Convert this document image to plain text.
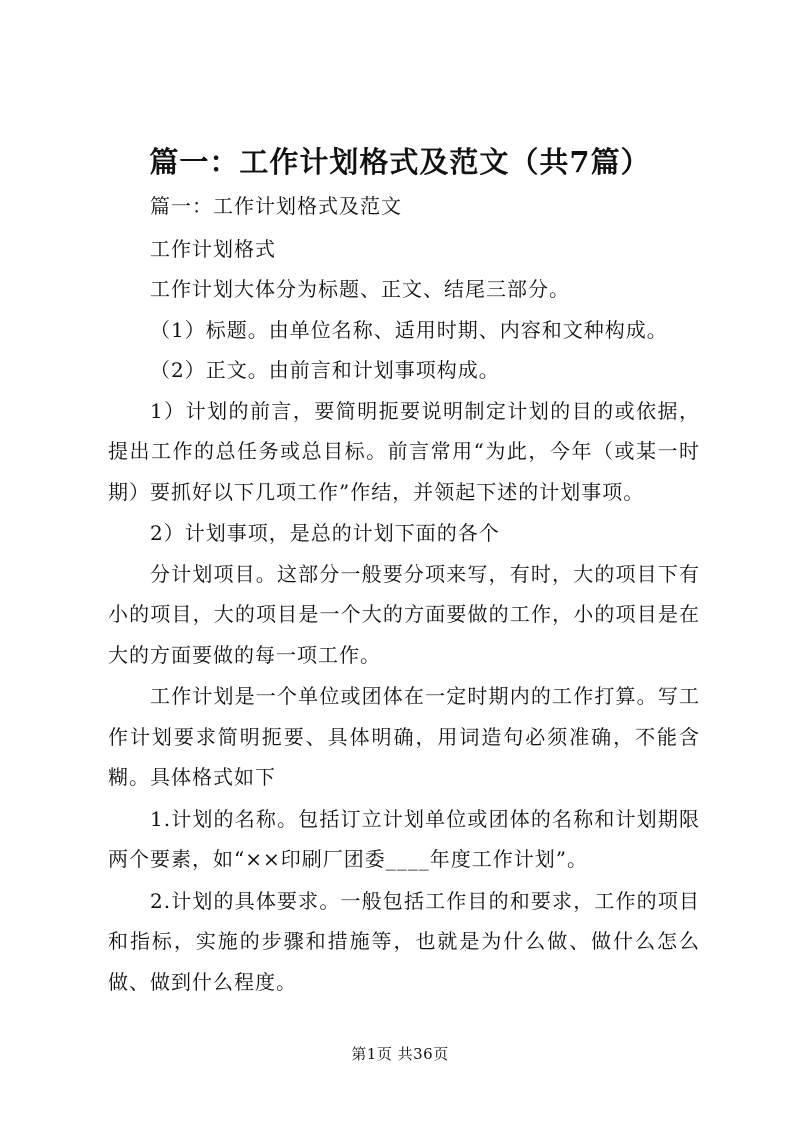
篇一：工作计划格式及范文（共7篇）

篇一：工作计划格式及范文

工作计划格式

工作计划大体分为标题、正文、结尾三部分。

（1）标题。由单位名称、适用时期、内容和文种构成。

（2）正文。由前言和计划事项构成。

1）计划的前言，要简明扼要说明制定计划的目的或依据，提出工作的总任务或总目标。前言常用“为此，今年（或某一时期）要抓好以下几项工作”作结，并领起下述的计划事项。

2）计划事项，是总的计划下面的各个

分计划项目。这部分一般要分项来写，有时，大的项目下有小的项目，大的项目是一个大的方面要做的工作，小的项目是在大的方面要做的每一项工作。

工作计划是一个单位或团体在一定时期内的工作打算。写工作计划要求简明扼要、具体明确，用词造句必须准确，不能含糊。具体格式如下

1.计划的名称。包括订立计划单位或团体的名称和计划期限两个要素，如“××印刷厂团委____年度工作计划”。

2.计划的具体要求。一般包括工作目的和要求，工作的项目和指标，实施的步骤和措施等，也就是为什么做、做什么怎么做、做到什么程度。

第1页 共36页
